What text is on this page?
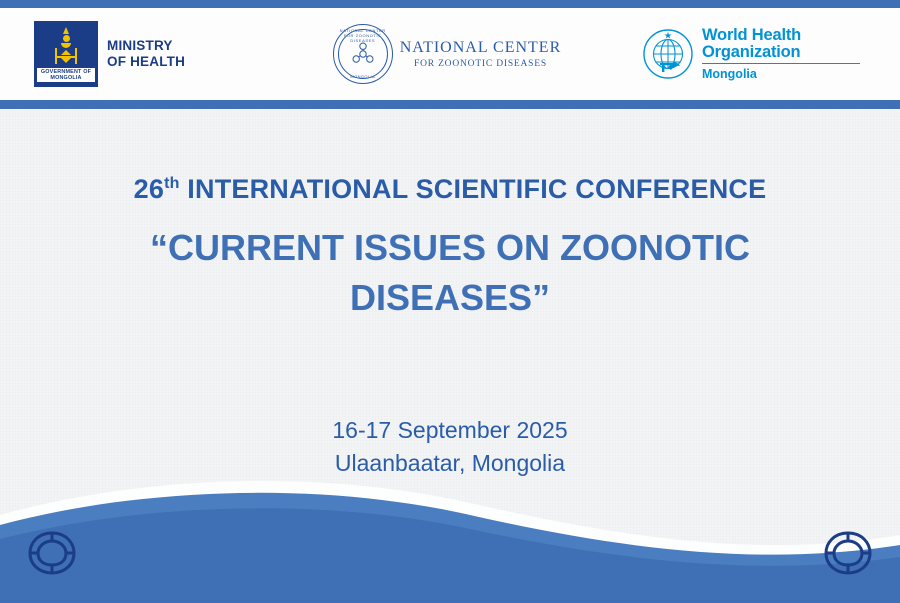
GOVERNMENT OF MONGOLIA
MINISTRY
OF HEALTH
NATIONAL CENTER FOR ZOONOTIC DISEASES
MONGOLIA
NATIONAL CENTER
FOR ZOONOTIC DISEASES
World Health
Organization
Mongolia
26th INTERNATIONAL SCIENTIFIC CONFERENCE
“CURRENT ISSUES ON ZOONOTIC DISEASES”
16-17 September 2025
Ulaanbaatar, Mongolia
